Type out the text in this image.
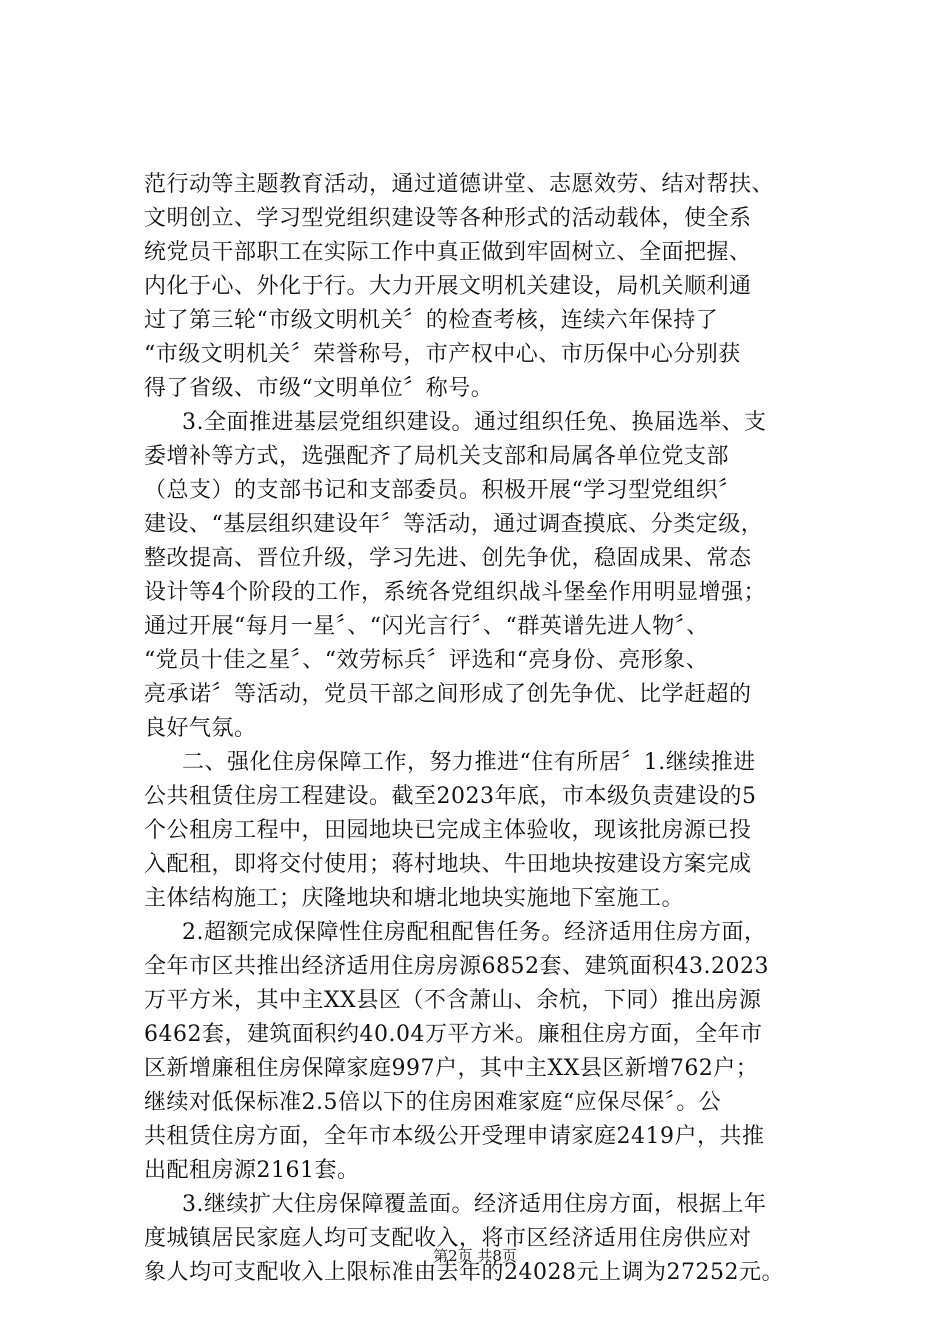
范行动等主题教育活动，通过道德讲堂、志愿效劳、结对帮扶、
文明创立、学习型党组织建设等各种形式的活动载体，使全系
统党员干部职工在实际工作中真正做到牢固树立、全面把握、
内化于心、外化于行。大力开展文明机关建设，局机关顺利通
过了第三轮“市级文明机关〞的检查考核，连续六年保持了
“市级文明机关〞荣誉称号，市产权中心、市历保中心分别获
得了省级、市级“文明单位〞称号。
3.全面推进基层党组织建设。通过组织任免、换届选举、支
委增补等方式，选强配齐了局机关支部和局属各单位党支部
（总支）的支部书记和支部委员。积极开展“学习型党组织〞
建设、“基层组织建设年〞等活动，通过调查摸底、分类定级，
整改提高、晋位升级，学习先进、创先争优，稳固成果、常态
设计等4个阶段的工作，系统各党组织战斗堡垒作用明显增强；
通过开展“每月一星〞、“闪光言行〞、“群英谱先进人物〞、
“党员十佳之星〞、“效劳标兵〞评选和“亮身份、亮形象、
亮承诺〞等活动，党员干部之间形成了创先争优、比学赶超的
良好气氛。
二、强化住房保障工作，努力推进“住有所居〞1.继续推进
公共租赁住房工程建设。截至2023年底，市本级负责建设的5
个公租房工程中，田园地块已完成主体验收，现该批房源已投
入配租，即将交付使用；蒋村地块、牛田地块按建设方案完成
主体结构施工；庆隆地块和塘北地块实施地下室施工。
2.超额完成保障性住房配租配售任务。经济适用住房方面，
全年市区共推出经济适用住房房源6852套、建筑面积43.2023
万平方米，其中主XX县区（不含萧山、余杭，下同）推出房源
6462套，建筑面积约40.04万平方米。廉租住房方面，全年市
区新增廉租住房保障家庭997户，其中主XX县区新增762户；
继续对低保标准2.5倍以下的住房困难家庭“应保尽保〞。公
共租赁住房方面，全年市本级公开受理申请家庭2419户，共推
出配租房源2161套。
3.继续扩大住房保障覆盖面。经济适用住房方面，根据上年
度城镇居民家庭人均可支配收入，将市区经济适用住房供应对
象人均可支配收入上限标准由去年的24028元上调为27252元。
第2页 共8页
